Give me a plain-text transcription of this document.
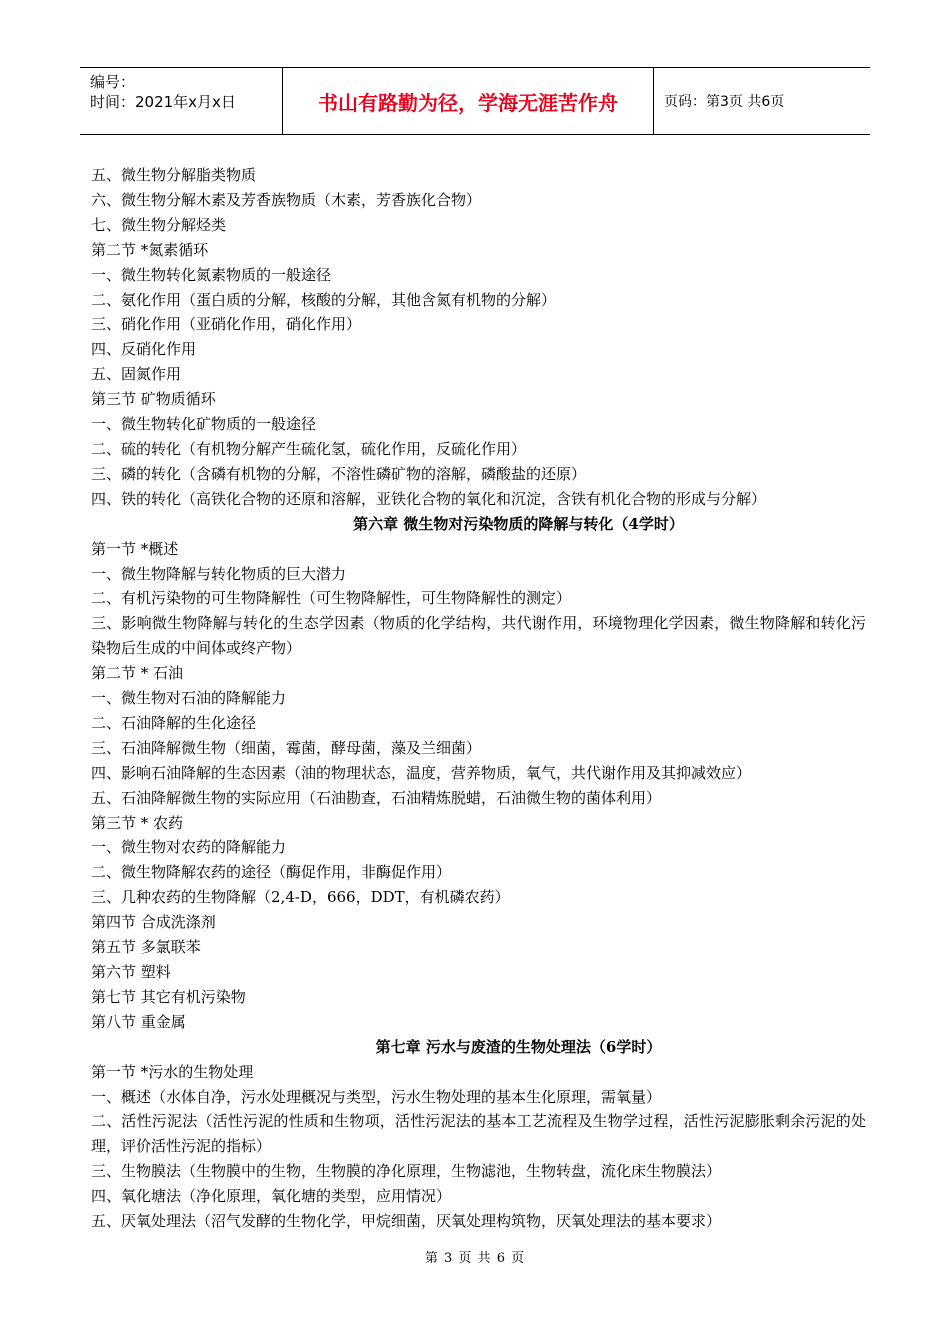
编号：
时间：2021年x月x日	书山有路勤为径，学海无涯苦作舟	页码：第3页 共6页
五、微生物分解脂类物质
六、微生物分解木素及芳香族物质（木素，芳香族化合物）
七、微生物分解烃类
第二节 *氮素循环
一、微生物转化氮素物质的一般途径
二、氨化作用（蛋白质的分解，核酸的分解，其他含氮有机物的分解）
三、硝化作用（亚硝化作用，硝化作用）
四、反硝化作用
五、固氮作用
第三节 矿物质循环
一、微生物转化矿物质的一般途径
二、硫的转化（有机物分解产生硫化氢，硫化作用，反硫化作用）
三、磷的转化（含磷有机物的分解，不溶性磷矿物的溶解，磷酸盐的还原）
四、铁的转化（高铁化合物的还原和溶解，亚铁化合物的氧化和沉淀，含铁有机化合物的形成与分解）
第六章 微生物对污染物质的降解与转化（4学时）
第一节 *概述
一、微生物降解与转化物质的巨大潜力
二、有机污染物的可生物降解性（可生物降解性，可生物降解性的测定）
三、影响微生物降解与转化的生态学因素（物质的化学结构，共代谢作用，环境物理化学因素，微生物降解和转化污染物后生成的中间体或终产物）
第二节 * 石油
一、微生物对石油的降解能力
二、石油降解的生化途径
三、石油降解微生物（细菌，霉菌，酵母菌，藻及兰细菌）
四、影响石油降解的生态因素（油的物理状态，温度，营养物质，氧气，共代谢作用及其抑减效应）
五、石油降解微生物的实际应用（石油勘查，石油精炼脱蜡，石油微生物的菌体利用）
第三节 * 农药
一、微生物对农药的降解能力
二、微生物降解农药的途径（酶促作用，非酶促作用）
三、几种农药的生物降解（2,4-D，666，DDT，有机磷农药）
第四节 合成洗涤剂
第五节 多氯联苯
第六节 塑料
第七节 其它有机污染物
第八节 重金属
第七章 污水与废渣的生物处理法（6学时）
第一节 *污水的生物处理
一、概述（水体自净，污水处理概况与类型，污水生物处理的基本生化原理，需氧量）
二、活性污泥法（活性污泥的性质和生物项，活性污泥法的基本工艺流程及生物学过程，活性污泥膨胀剩余污泥的处理，评价活性污泥的指标）
三、生物膜法（生物膜中的生物，生物膜的净化原理，生物滤池，生物转盘，流化床生物膜法）
四、氧化塘法（净化原理，氧化塘的类型，应用情况）
五、厌氧处理法（沼气发酵的生物化学，甲烷细菌，厌氧处理构筑物，厌氧处理法的基本要求）
第 3 页 共 6 页
